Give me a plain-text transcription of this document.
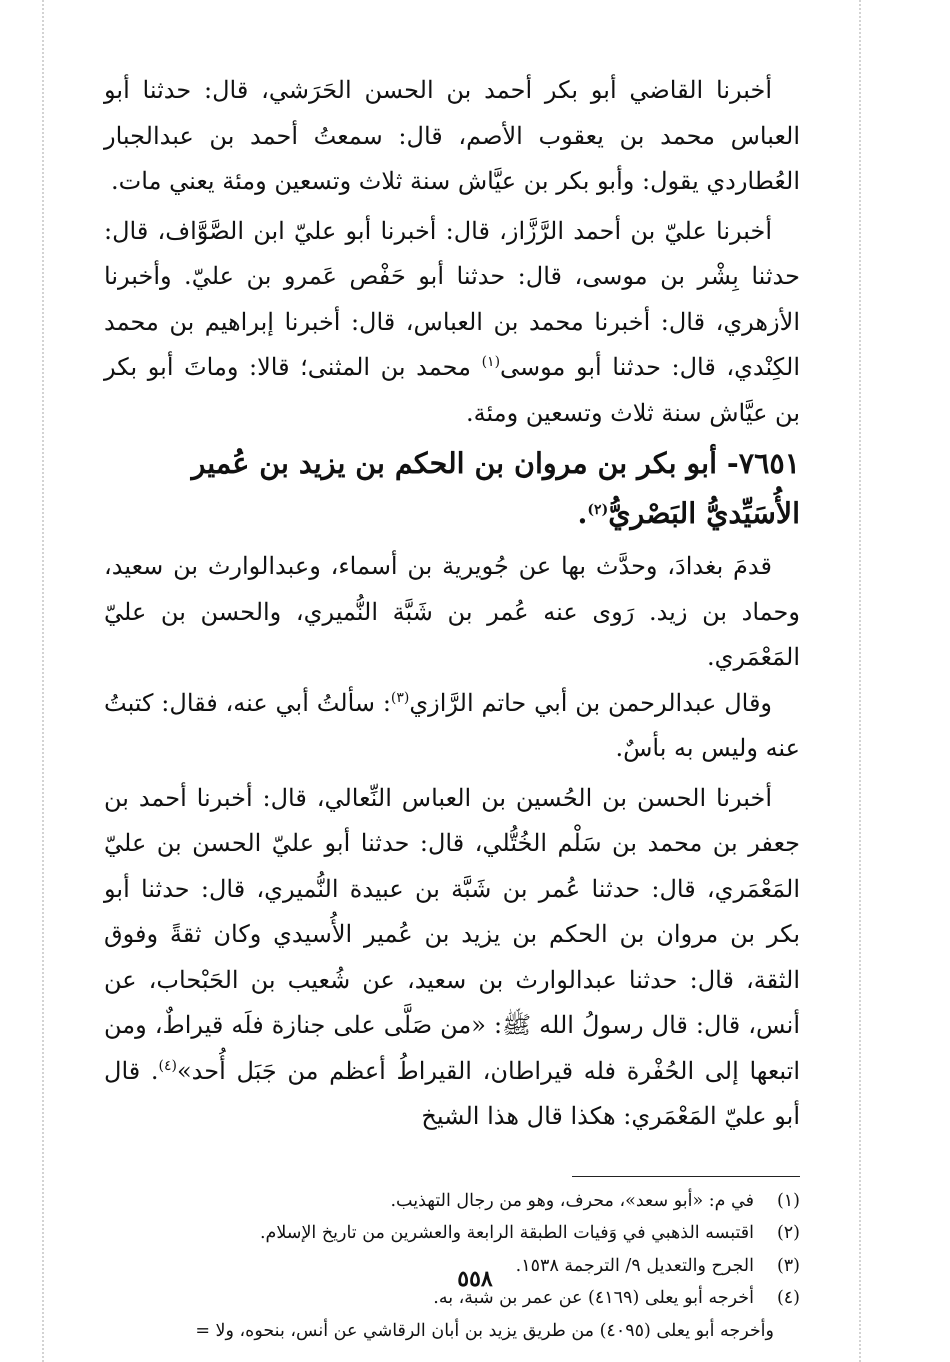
أخبرنا القاضي أبو بكر أحمد بن الحسن الحَرَشي، قال: حدثنا أبو العباس محمد بن يعقوب الأصم، قال: سمعتُ أحمد بن عبدالجبار العُطاردي يقول: وأبو بكر بن عيَّاش سنة ثلاث وتسعين ومئة يعني مات.

أخبرنا عليّ بن أحمد الرَّزَّاز، قال: أخبرنا أبو عليّ ابن الصَّوَّاف، قال: حدثنا بِشْر بن موسى، قال: حدثنا أبو حَفْص عَمرو بن عليّ. وأخبرنا الأزهري، قال: أخبرنا محمد بن العباس، قال: أخبرنا إبراهيم بن محمد الكِنْدي، قال: حدثنا أبو موسى$^{(١)}$ محمد بن المثنى؛ قالا: وماتَ أبو بكر بن عيَّاش سنة ثلاث وتسعين ومئة.

٧٦٥١- أبو بكر بن مروان بن الحكم بن يزيد بن عُمير الأُسَيِّديُّ البَصْريُّ$^{(٢)}$.

قدمَ بغدادَ، وحدَّث بها عن جُويرية بن أسماء، وعبدالوارث بن سعيد، وحماد بن زيد. رَوى عنه عُمر بن شَبَّة النُّميري، والحسن بن عليّ المَعْمَري.

وقال عبدالرحمن بن أبي حاتم الرَّازي$^{(٣)}$: سألتُ أبي عنه، فقال: كتبتُ عنه وليس به بأسٌ.

أخبرنا الحسن بن الحُسين بن العباس النِّعالي، قال: أخبرنا أحمد بن جعفر بن محمد بن سَلْم الخُتُّلي، قال: حدثنا أبو عليّ الحسن بن عليّ المَعْمَري، قال: حدثنا عُمر بن شَبَّة بن عبيدة النُّميري، قال: حدثنا أبو بكر بن مروان بن الحكم بن يزيد بن عُمير الأُسيدي وكان ثقةً وفوق الثقة، قال: حدثنا عبدالوارث بن سعيد، عن شُعيب بن الحَبْحاب، عن أنس، قال: قال رسولُ الله ﷺ: «من صَلَّى على جنازة فلَه قيراطٌ، ومن اتبعها إلى الحُفْرة فله قيراطان، القيراطُ أعظم من جَبَل أُحد»$^{(٤)}$. قال أبو عليّ المَعْمَري: هكذا قال هذا الشيخ

(١)
في م: «أبو سعد»، محرف، وهو من رجال التهذيب.
(٢)
اقتبسه الذهبي في وَفيات الطبقة الرابعة والعشرين من تاريخ الإسلام.
(٣)
الجرح والتعديل ٩/ الترجمة ١٥٣٨.
(٤)
أخرجه أبو يعلى (٤١٦٩) عن عمر بن شبة، به.
وأخرجه أبو يعلى (٤٠٩٥) من طريق يزيد بن أبان الرقاشي عن أنس، بنحوه، ولا =
٥٥٨
